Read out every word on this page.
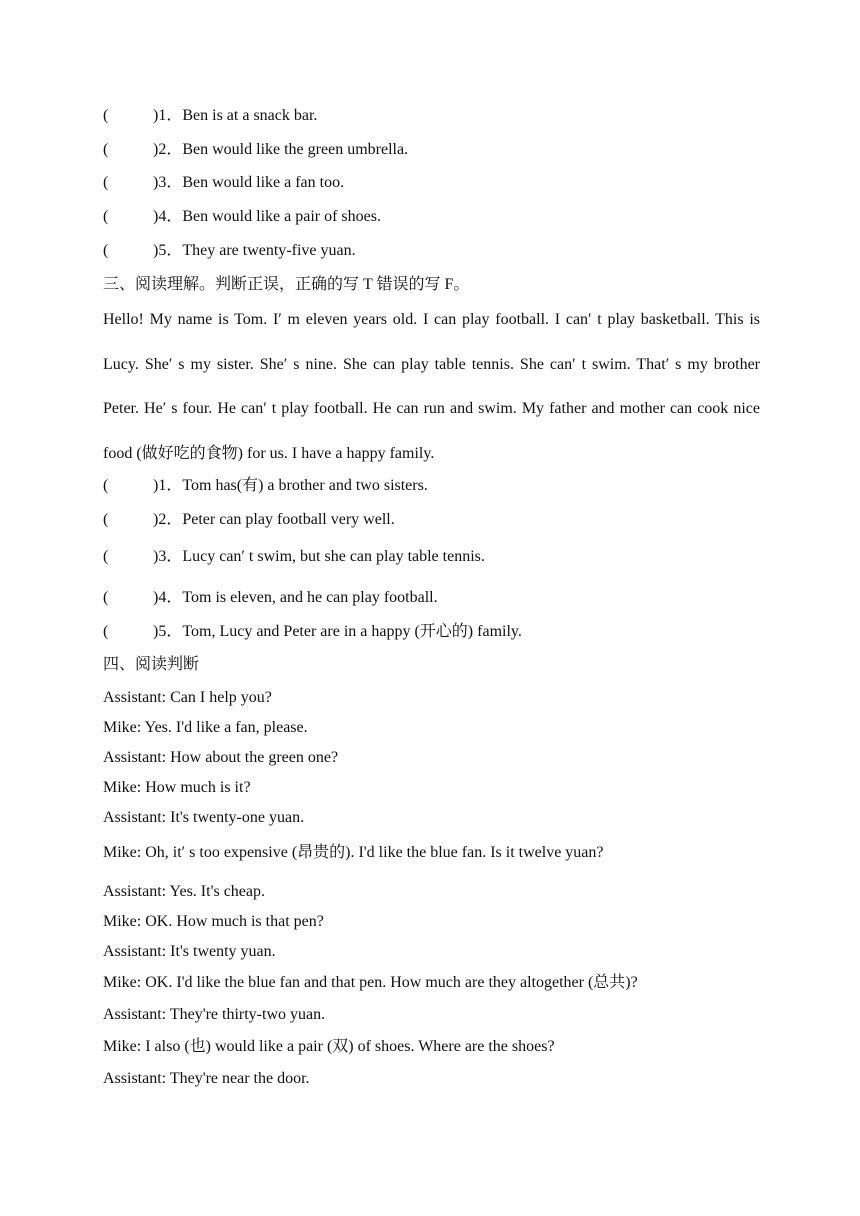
(	)1．Ben is at a snack bar.
(	)2．Ben would like the green umbrella.
(	)3．Ben would like a fan too.
(	)4．Ben would like a pair of shoes.
(	)5．They are twenty-five yuan.
三、阅读理解。判断正误，正确的写 T 错误的写 F。
Hello! My name is Tom. I′ m eleven years old. I can play football. I can′ t play basketball. This is Lucy. She′ s my sister. She′ s nine. She can play table tennis. She can′ t swim. That′ s my brother Peter. He′ s four. He can′ t play football. He can run and swim. My father and mother can cook nice food (做好吃的食物) for us. I have a happy family.
(	)1．Tom has(有) a brother and two sisters.
(	)2．Peter can play football very well.
(	)3．Lucy can′ t swim, but she can play table tennis.
(	)4．Tom is eleven, and he can play football.
(	)5．Tom, Lucy and Peter are in a happy (开心的) family.
四、阅读判断
Assistant: Can I help you?
Mike: Yes. I'd like a fan, please.
Assistant: How about the green one?
Mike: How much is it?
Assistant: It's twenty-one yuan.
Mike: Oh, it′ s too expensive (昂贵的). I'd like the blue fan. Is it twelve yuan?
Assistant: Yes. It's cheap.
Mike: OK. How much is that pen?
Assistant: It's twenty yuan.
Mike: OK. I'd like the blue fan and that pen. How much are they altogether (总共)?
Assistant: They're thirty-two yuan.
Mike: I also (也) would like a pair (双) of shoes. Where are the shoes?
Assistant: They're near the door.
